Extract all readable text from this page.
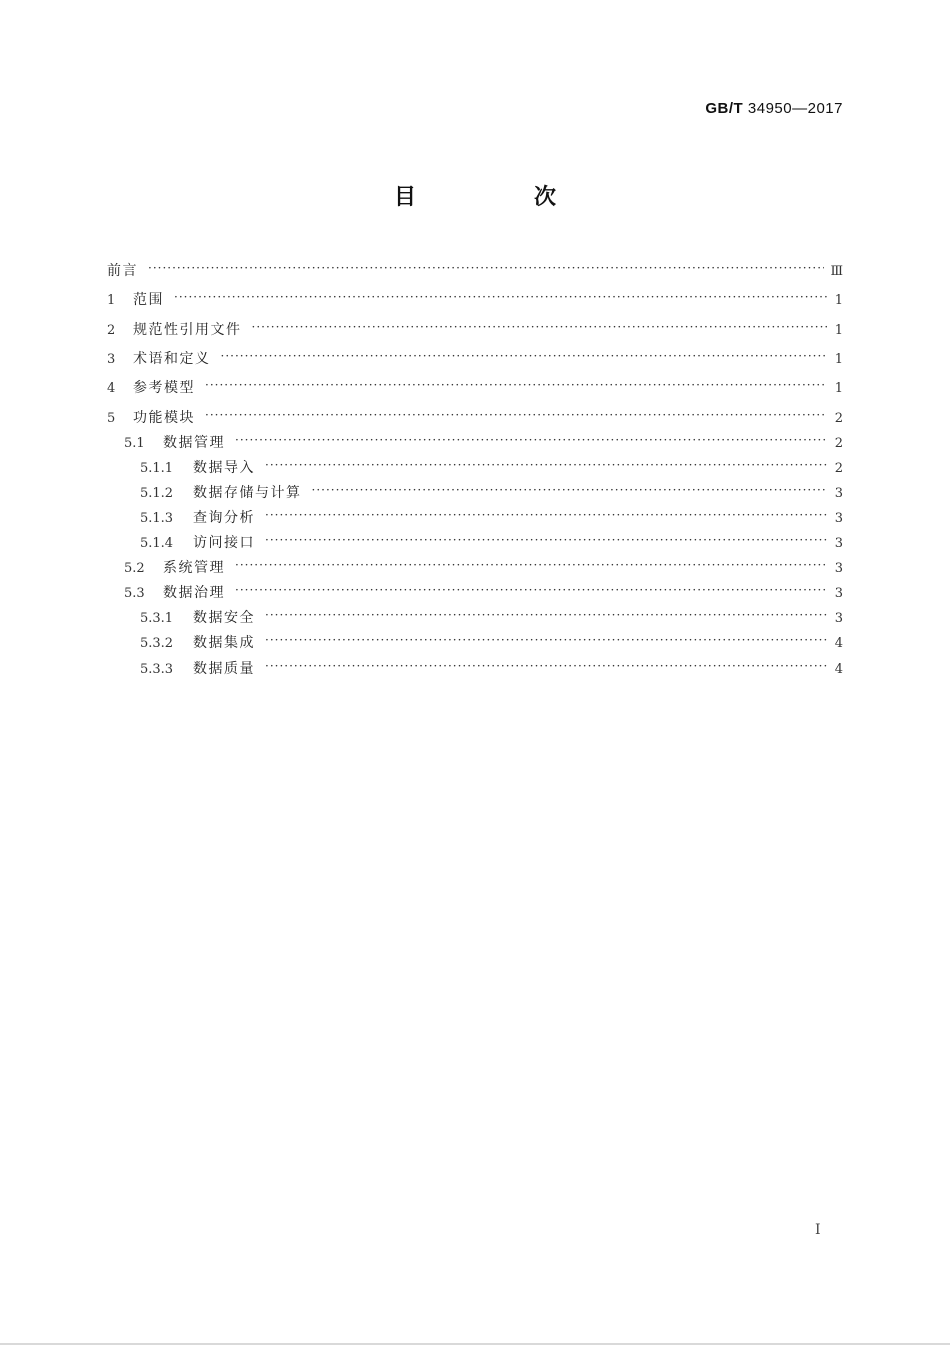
GB/T 34950—2017
目　次
前言 ·····	Ⅲ
1	范围 ·····	1
2	规范性引用文件 ·····	1
3	术语和定义 ·····	1
4	参考模型 ·····	1
5	功能模块 ·····	2
5.1	数据管理 ·····	2
5.1.1	数据导入 ·····	2
5.1.2	数据存储与计算 ·····	3
5.1.3	查询分析 ·····	3
5.1.4	访问接口 ·····	3
5.2	系统管理 ·····	3
5.3	数据治理 ·····	3
5.3.1	数据安全 ·····	3
5.3.2	数据集成 ·····	4
5.3.3	数据质量 ·····	4
I
